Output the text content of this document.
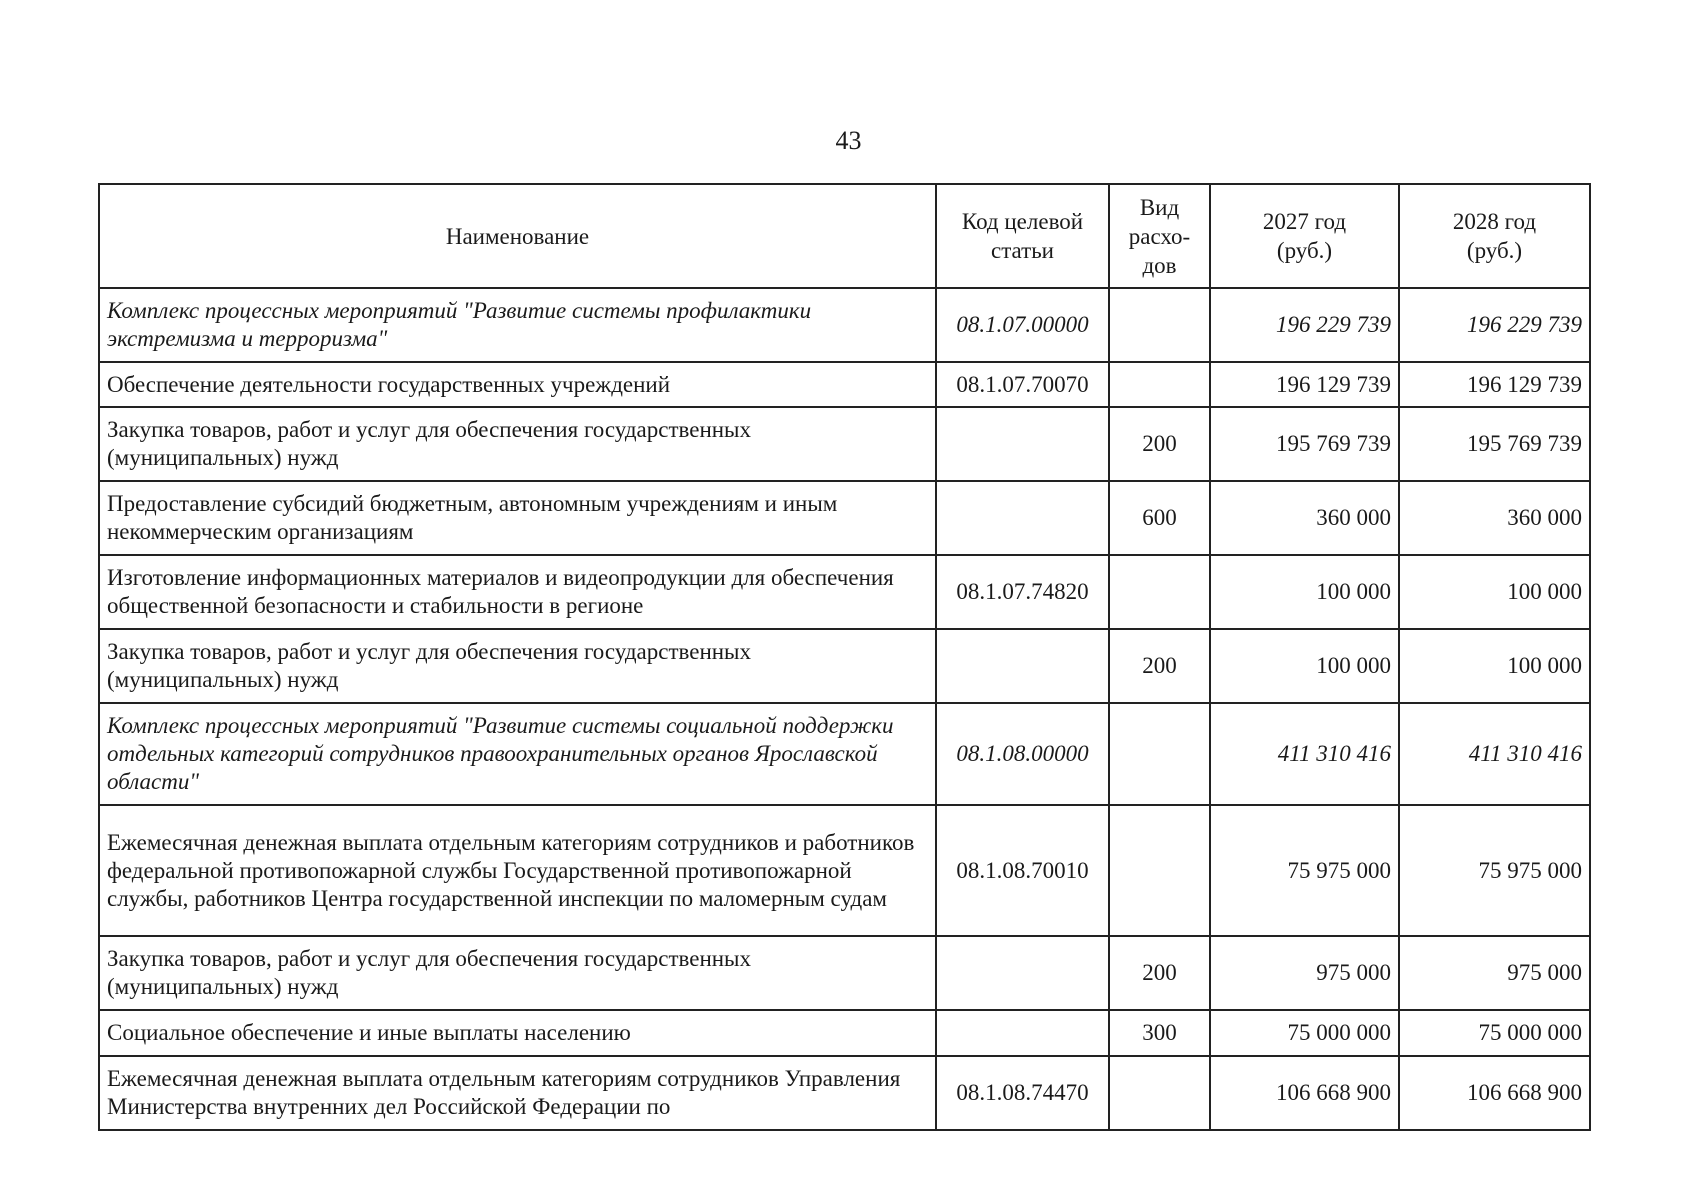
43
Наименование	Код целевой статьи	Вид расхо-дов	2027 год (руб.)	2028 год (руб.)
Комплекс процессных мероприятий "Развитие системы профилактики экстремизма и терроризма"	08.1.07.00000		196 229 739	196 229 739
Обеспечение деятельности государственных учреждений	08.1.07.70070		196 129 739	196 129 739
Закупка товаров, работ и услуг для обеспечения государственных (муниципальных) нужд		200	195 769 739	195 769 739
Предоставление субсидий бюджетным, автономным учреждениям и иным некоммерческим организациям		600	360 000	360 000
Изготовление информационных материалов и видеопродукции для обеспечения общественной безопасности и стабильности в регионе	08.1.07.74820		100 000	100 000
Закупка товаров, работ и услуг для обеспечения государственных (муниципальных) нужд		200	100 000	100 000
Комплекс процессных мероприятий "Развитие системы социальной поддержки отдельных категорий сотрудников правоохранительных органов Ярославской области"	08.1.08.00000		411 310 416	411 310 416
Ежемесячная денежная выплата отдельным категориям сотрудников и работников федеральной противопожарной службы Государственной противопожарной службы, работников Центра государственной инспекции по маломерным судам	08.1.08.70010		75 975 000	75 975 000
Закупка товаров, работ и услуг для обеспечения государственных (муниципальных) нужд		200	975 000	975 000
Социальное обеспечение и иные выплаты населению		300	75 000 000	75 000 000
Ежемесячная денежная выплата отдельным категориям сотрудников Управления Министерства внутренних дел Российской Федерации по	08.1.08.74470		106 668 900	106 668 900
